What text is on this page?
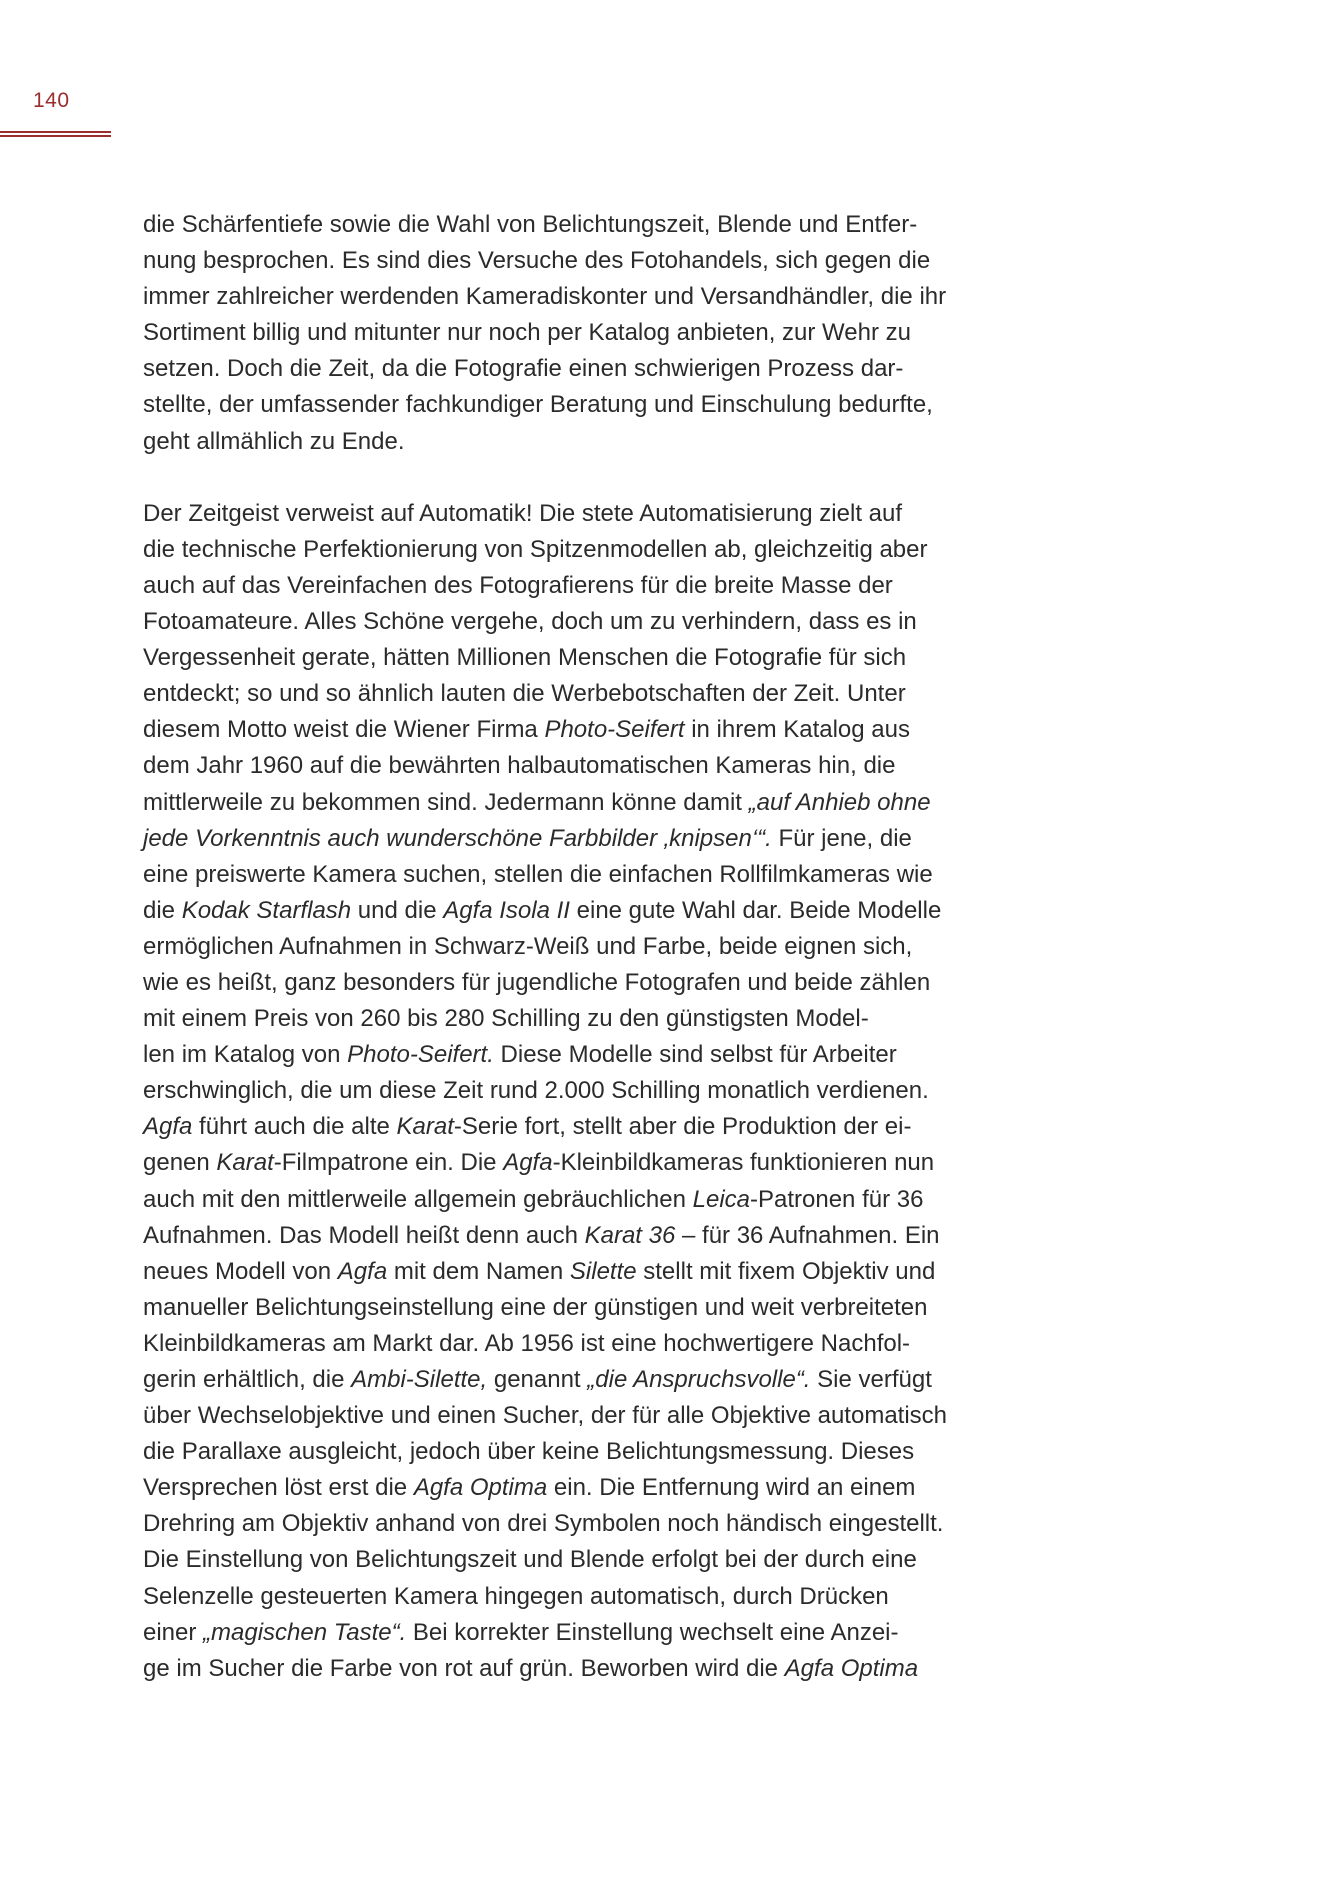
140
die Schärfentiefe sowie die Wahl von Belichtungszeit, Blende und Entfer-
nung besprochen. Es sind dies Versuche des Fotohandels, sich gegen die
immer zahlreicher werdenden Kameradiskonter und Versandhändler, die ihr
Sortiment billig und mitunter nur noch per Katalog anbieten, zur Wehr zu
setzen. Doch die Zeit, da die Fotografie einen schwierigen Prozess dar-
stellte, der umfassender fachkundiger Beratung und Einschulung bedurfte,
geht allmählich zu Ende.
Der Zeitgeist verweist auf Automatik! Die stete Automatisierung zielt auf
die technische Perfektionierung von Spitzenmodellen ab, gleichzeitig aber
auch auf das Vereinfachen des Fotografierens für die breite Masse der
Fotoamateure. Alles Schöne vergehe, doch um zu verhindern, dass es in
Vergessenheit gerate, hätten Millionen Menschen die Fotografie für sich
entdeckt; so und so ähnlich lauten die Werbebotschaften der Zeit. Unter
diesem Motto weist die Wiener Firma Photo-Seifert in ihrem Katalog aus
dem Jahr 1960 auf die bewährten halbautomatischen Kameras hin, die
mittlerweile zu bekommen sind. Jedermann könne damit „auf Anhieb ohne
jede Vorkenntnis auch wunderschöne Farbbilder ‚knipsen‘“. Für jene, die
eine preiswerte Kamera suchen, stellen die einfachen Rollfilmkameras wie
die Kodak Starflash und die Agfa Isola II eine gute Wahl dar. Beide Modelle
ermöglichen Aufnahmen in Schwarz-Weiß und Farbe, beide eignen sich,
wie es heißt, ganz besonders für jugendliche Fotografen und beide zählen
mit einem Preis von 260 bis 280 Schilling zu den günstigsten Model-
len im Katalog von Photo-Seifert. Diese Modelle sind selbst für Arbeiter
erschwinglich, die um diese Zeit rund 2.000 Schilling monatlich verdienen.
Agfa führt auch die alte Karat-Serie fort, stellt aber die Produktion der ei-
genen Karat-Filmpatrone ein. Die Agfa-Kleinbildkameras funktionieren nun
auch mit den mittlerweile allgemein gebräuchlichen Leica-Patronen für 36
Aufnahmen. Das Modell heißt denn auch Karat 36 – für 36 Aufnahmen. Ein
neues Modell von Agfa mit dem Namen Silette stellt mit fixem Objektiv und
manueller Belichtungseinstellung eine der günstigen und weit verbreiteten
Kleinbildkameras am Markt dar. Ab 1956 ist eine hochwertigere Nachfol-
gerin erhältlich, die Ambi-Silette, genannt „die Anspruchsvolle“. Sie verfügt
über Wechselobjektive und einen Sucher, der für alle Objektive automatisch
die Parallaxe ausgleicht, jedoch über keine Belichtungsmessung. Dieses
Versprechen löst erst die Agfa Optima ein. Die Entfernung wird an einem
Drehring am Objektiv anhand von drei Symbolen noch händisch eingestellt.
Die Einstellung von Belichtungszeit und Blende erfolgt bei der durch eine
Selenzelle gesteuerten Kamera hingegen automatisch, durch Drücken
einer „magischen Taste“. Bei korrekter Einstellung wechselt eine Anzei-
ge im Sucher die Farbe von rot auf grün. Beworben wird die Agfa Optima
